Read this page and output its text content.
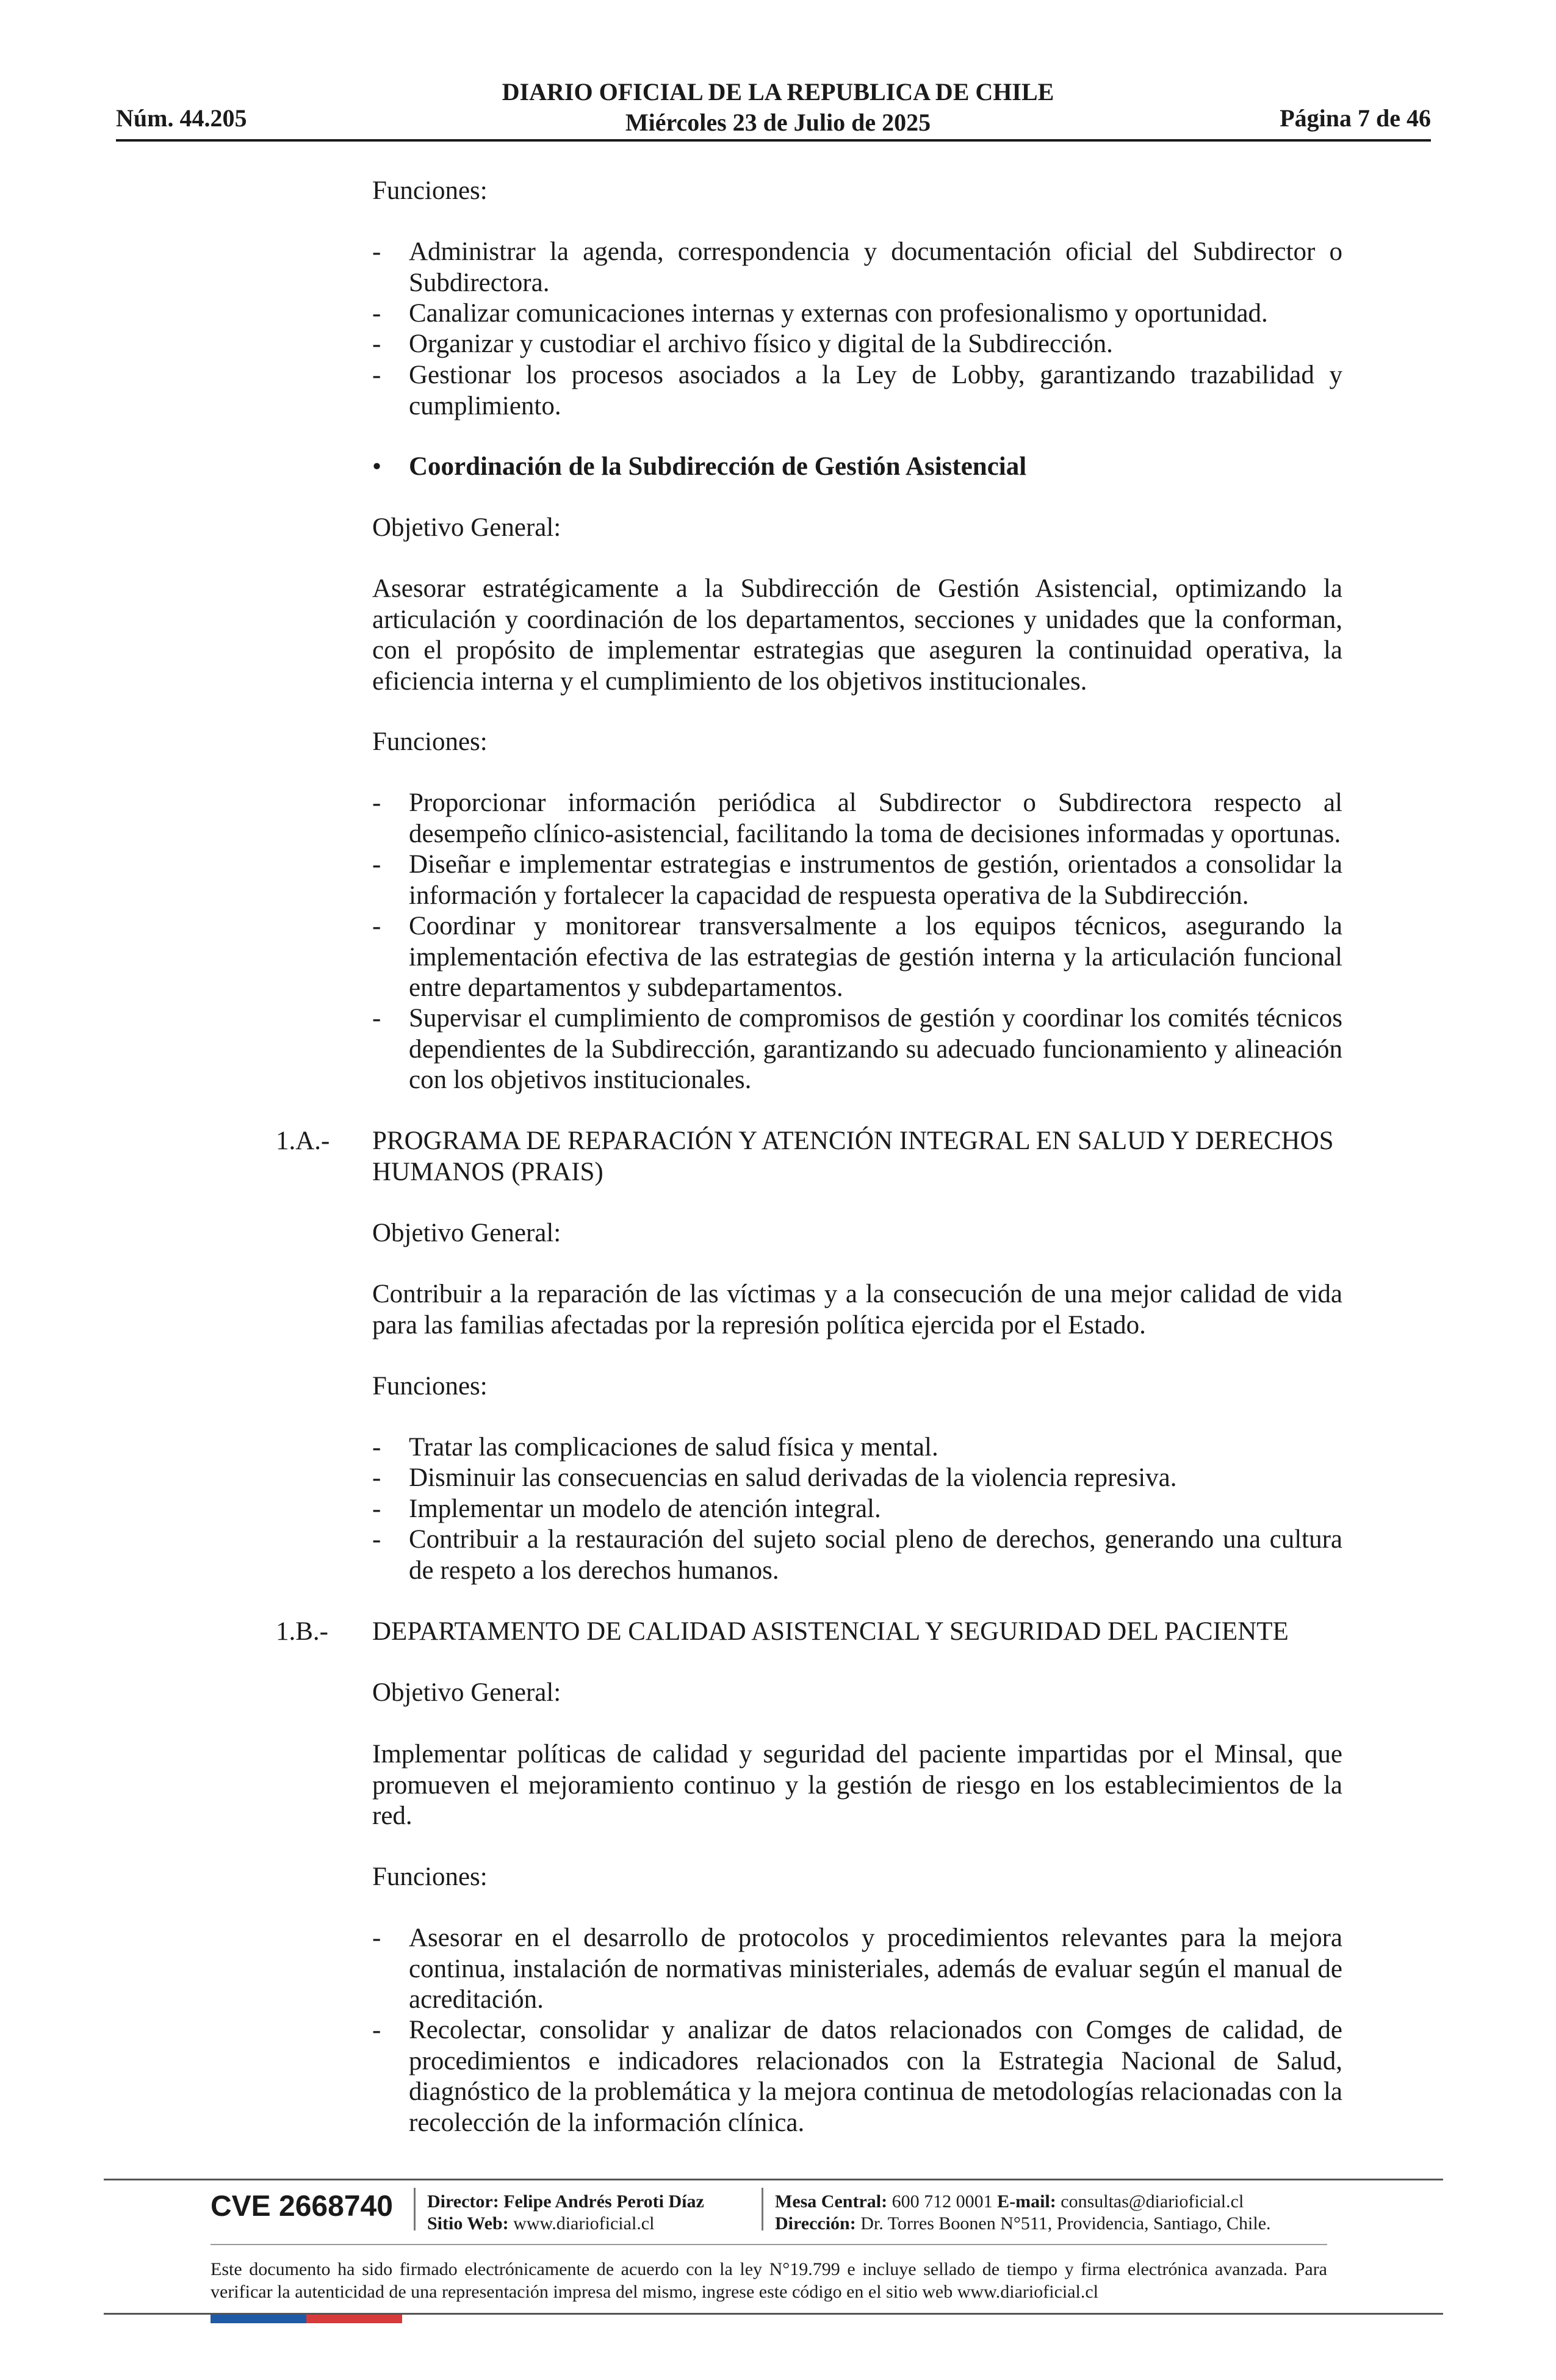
Núm. 44.205
DIARIO OFICIAL DE LA REPUBLICA DE CHILE
Miércoles 23 de Julio de 2025	Página 7 de 46
Funciones:
-	Administrar la agenda, correspondencia y documentación oficial del Subdirector o Subdirectora.
-	Canalizar comunicaciones internas y externas con profesionalismo y oportunidad.
-	Organizar y custodiar el archivo físico y digital de la Subdirección.
-	Gestionar los procesos asociados a la Ley de Lobby, garantizando trazabilidad y cumplimiento.
•	Coordinación de la Subdirección de Gestión Asistencial
Objetivo General:
Asesorar estratégicamente a la Subdirección de Gestión Asistencial, optimizando la articulación y coordinación de los departamentos, secciones y unidades que la conforman, con el propósito de implementar estrategias que aseguren la continuidad operativa, la eficiencia interna y el cumplimiento de los objetivos institucionales.
Funciones:
-	Proporcionar información periódica al Subdirector o Subdirectora respecto al desempeño clínico-asistencial, facilitando la toma de decisiones informadas y oportunas.
-	Diseñar e implementar estrategias e instrumentos de gestión, orientados a consolidar la información y fortalecer la capacidad de respuesta operativa de la Subdirección.
-	Coordinar y monitorear transversalmente a los equipos técnicos, asegurando la implementación efectiva de las estrategias de gestión interna y la articulación funcional entre departamentos y subdepartamentos.
-	Supervisar el cumplimiento de compromisos de gestión y coordinar los comités técnicos dependientes de la Subdirección, garantizando su adecuado funcionamiento y alineación con los objetivos institucionales.
1.A.- PROGRAMA DE REPARACIÓN Y ATENCIÓN INTEGRAL EN SALUD Y DERECHOS HUMANOS (PRAIS)
Objetivo General:
Contribuir a la reparación de las víctimas y a la consecución de una mejor calidad de vida para las familias afectadas por la represión política ejercida por el Estado.
Funciones:
-	Tratar las complicaciones de salud física y mental.
-	Disminuir las consecuencias en salud derivadas de la violencia represiva.
-	Implementar un modelo de atención integral.
-	Contribuir a la restauración del sujeto social pleno de derechos, generando una cultura de respeto a los derechos humanos.
1.B.- DEPARTAMENTO DE CALIDAD ASISTENCIAL Y SEGURIDAD DEL PACIENTE
Objetivo General:
Implementar políticas de calidad y seguridad del paciente impartidas por el Minsal, que promueven el mejoramiento continuo y la gestión de riesgo en los establecimientos de la red.
Funciones:
-	Asesorar en el desarrollo de protocolos y procedimientos relevantes para la mejora continua, instalación de normativas ministeriales, además de evaluar según el manual de acreditación.
-	Recolectar, consolidar y analizar de datos relacionados con Comges de calidad, de procedimientos e indicadores relacionados con la Estrategia Nacional de Salud, diagnóstico de la problemática y la mejora continua de metodologías relacionadas con la recolección de la información clínica.
CVE 2668740 Director: Felipe Andrés Peroti Díaz
Sitio Web: www.diarioficial.cl
Mesa Central: 600 712 0001 E-mail: consultas@diarioficial.cl
Dirección: Dr. Torres Boonen N°511, Providencia, Santiago, Chile.
Este documento ha sido firmado electrónicamente de acuerdo con la ley N°19.799 e incluye sellado de tiempo y firma electrónica avanzada. Para verificar la autenticidad de una representación impresa del mismo, ingrese este código en el sitio web www.diarioficial.cl
